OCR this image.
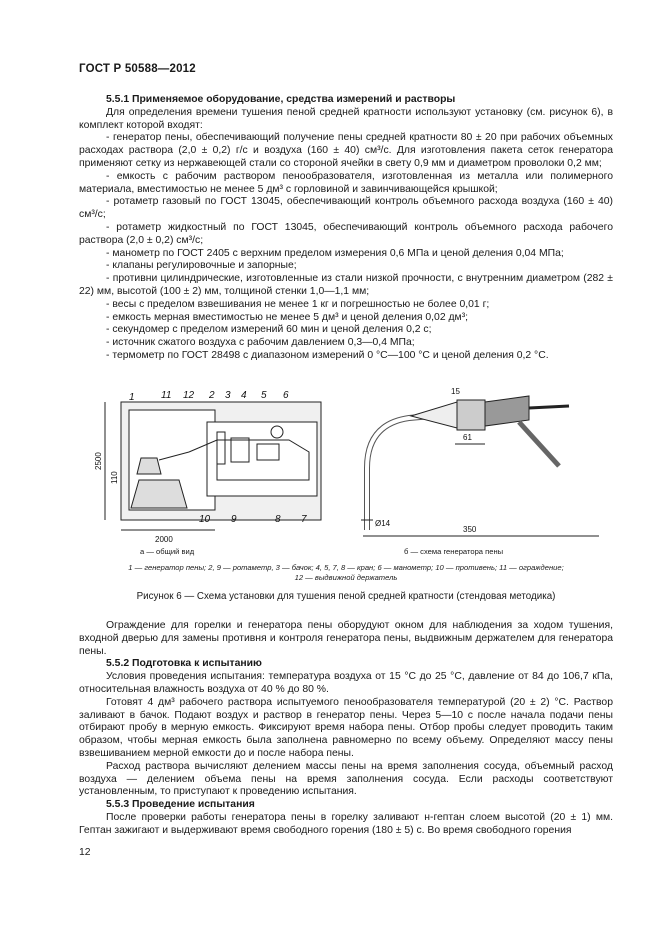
ГОСТ Р 50588—2012

5.5.1 Применяемое оборудование, средства измерений и растворы

Для определения времени тушения пеной средней кратности используют установку (см. рисунок 6), в комплект которой входят:

- генератор пены, обеспечивающий получение пены средней кратности 80 ± 20 при рабочих объемных расходах раствора (2,0 ± 0,2) г/с и воздуха (160 ± 40) см³/с. Для изготовления пакета сеток генератора применяют сетку из нержавеющей стали со стороной ячейки в свету 0,9 мм и диаметром проволоки 0,2 мм;

- емкость с рабочим раствором пенообразователя, изготовленная из металла или полимерного материала, вместимостью не менее 5 дм³ с горловиной и завинчивающейся крышкой;

- ротаметр газовый по ГОСТ 13045, обеспечивающий контроль объемного расхода воздуха (160 ± 40) см³/с;

- ротаметр жидкостный по ГОСТ 13045, обеспечивающий контроль объемного расхода рабочего раствора (2,0 ± 0,2) см³/с;

- манометр по ГОСТ 2405 с верхним пределом измерения 0,6 МПа и ценой деления 0,04 МПа;

- клапаны регулировочные и запорные;

- противни цилиндрические, изготовленные из стали низкой прочности, с внутренним диаметром (282 ± 22) мм, высотой (100 ± 2) мм, толщиной стенки 1,0—1,1 мм;

- весы с пределом взвешивания не менее 1 кг и погрешностью не более 0,01 г;

- емкость мерная вместимостью не менее 5 дм³ и ценой деления 0,02 дм³;

- секундомер с пределом измерений 60 мин и ценой деления 0,2 с;

- источник сжатого воздуха с рабочим давлением 0,3—0,4 МПа;

- термометр по ГОСТ 28498 с диапазоном измерений 0 °С—100 °С и ценой деления 0,2 °С.

1	11 12 2 3 4 5 6
10 9	8 7
2500
110
2000
Ø14
350
61
15
а — общий вид	б — схема генератора пены
1 — генератор пены; 2, 9 — ротаметр, 3 — бачок; 4, 5, 7, 8 — кран; 6 — манометр; 10 — противень; 11 — ограждение;
12 — выдвижной держатель
Рисунок 6 — Схема установки для тушения пеной средней кратности (стендовая методика)

Ограждение для горелки и генератора пены оборудуют окном для наблюдения за ходом тушения, входной дверью для замены противня и контроля генератора пены, выдвижным держателем для генератора пены.

5.5.2 Подготовка к испытанию

Условия проведения испытания: температура воздуха от 15 °С до 25 °С, давление от 84 до 106,7 кПа, относительная влажность воздуха от 40 % до 80 %.

Готовят 4 дм³ рабочего раствора испытуемого пенообразователя температурой (20 ± 2) °С. Раствор заливают в бачок. Подают воздух и раствор в генератор пены. Через 5—10 с после начала подачи пены отбирают пробу в мерную емкость. Фиксируют время набора пены. Отбор пробы следует проводить таким образом, чтобы мерная емкость была заполнена равномерно по всему объему. Определяют массу пены взвешиванием мерной емкости до и после набора пены.

Расход раствора вычисляют делением массы пены на время заполнения сосуда, объемный расход воздуха — делением объема пены на время заполнения сосуда. Если расходы соответствуют установленным, то приступают к проведению испытания.

5.5.3 Проведение испытания

После проверки работы генератора пены в горелку заливают н-гептан слоем высотой (20 ± 1) мм. Гептан зажигают и выдерживают время свободного горения (180 ± 5) с. Во время свободного горения

12
